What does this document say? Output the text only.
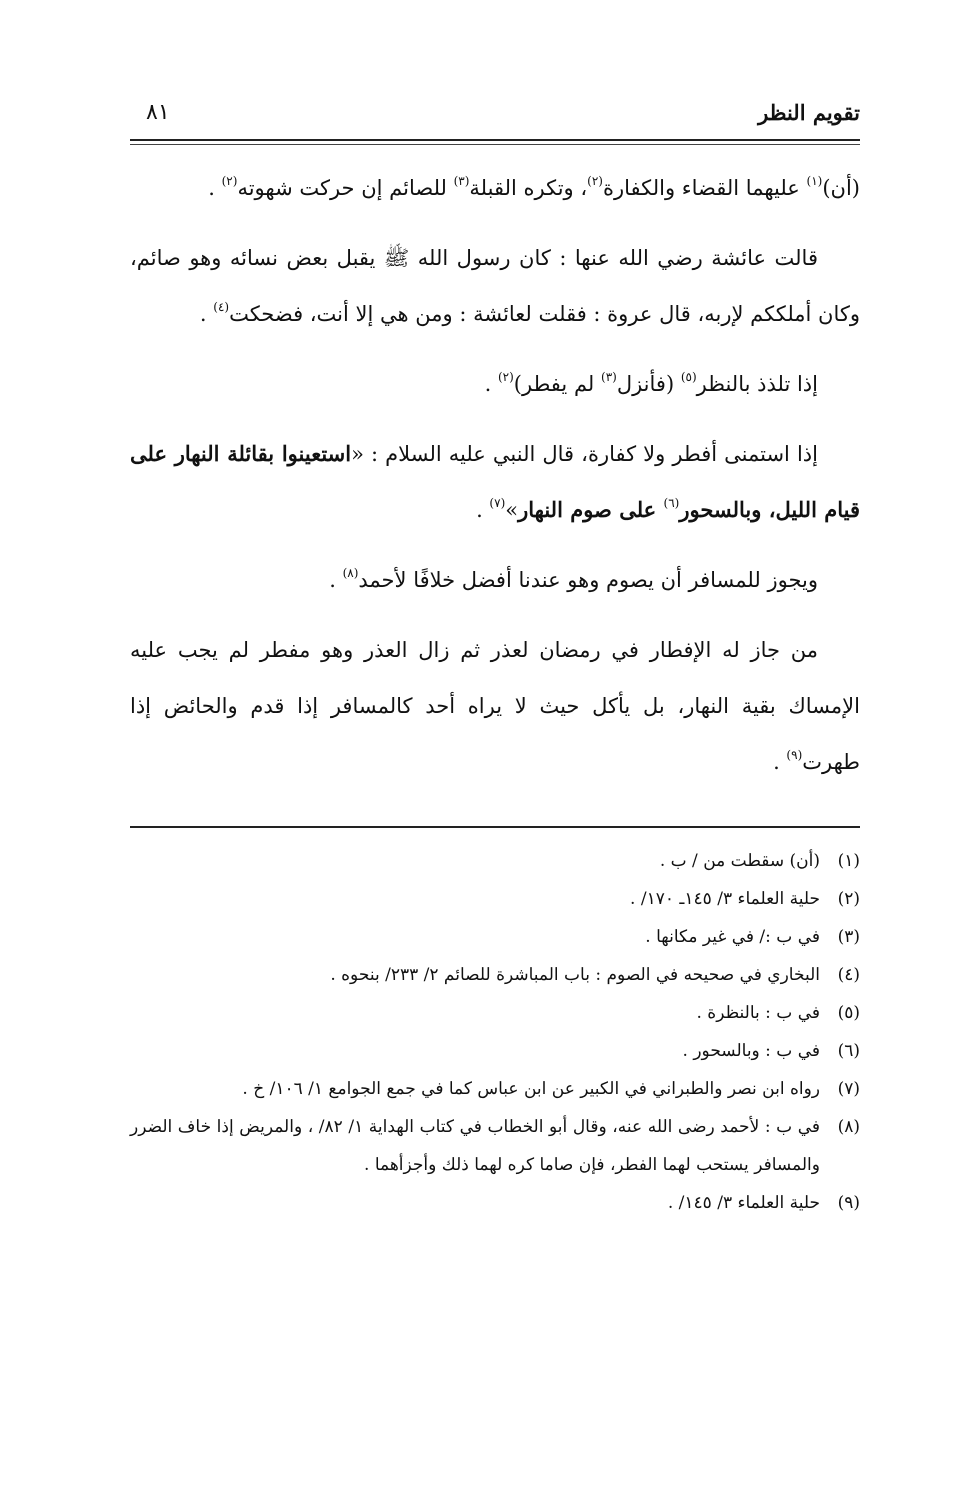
تقويم النظر
٨١

(أن)$^{(١)}$ عليهما القضاء والكفارة$^{(٢)}$، وتكره القبلة$^{(٣)}$ للصائم إن حركت شهوته$^{(٢)}$ .

قالت عائشة رضي الله عنها : كان رسول الله ﷺ يقبل بعض نسائه وهو صائم، وكان أملككم لإربه، قال عروة : فقلت لعائشة : ومن هي إلا أنت، فضحكت$^{(٤)}$ .

إذا تلذذ بالنظر$^{(٥)}$ (فأنزل$^{(٣)}$ لم يفطر)$^{(٢)}$ .

إذا استمنى أفطر ولا كفارة، قال النبي عليه السلام : «استعينوا بقائلة النهار على قيام الليل، وبالسحور$^{(٦)}$ على صوم النهار»$^{(٧)}$ .

ويجوز للمسافر أن يصوم وهو عندنا أفضل خلافًا لأحمد$^{(٨)}$ .

من جاز له الإفطار في رمضان لعذر ثم زال العذر وهو مفطر لم يجب عليه الإمساك بقية النهار، بل يأكل حيث لا يراه أحد كالمسافر إذا قدم والحائض إذا طهرت$^{(٩)}$ .

(١)
(أن) سقطت من / ب .
(٢)
حلية العلماء ٣/ ١٤٥ـ ١٧٠/ .
(٣)
في ب :/ في غير مكانها .
(٤)
البخاري في صحيحه في الصوم : باب المباشرة للصائم ٢/ ٢٣٣/ بنحوه .
(٥)
في ب : بالنظرة .
(٦)
في ب : وبالسحور .
(٧)
رواه ابن نصر والطبراني في الكبير عن ابن عباس كما في جمع الجوامع ١/ ١٠٦/ خ .
(٨)
في ب : لأحمد رضى الله عنه، وقال أبو الخطاب في كتاب الهداية ١/ ٨٢/ ، والمريض إذا خاف الضرر والمسافر يستحب لهما الفطر، فإن صاما كره لهما ذلك وأجزأهما .
(٩)
حلية العلماء ٣/ ١٤٥/ .
